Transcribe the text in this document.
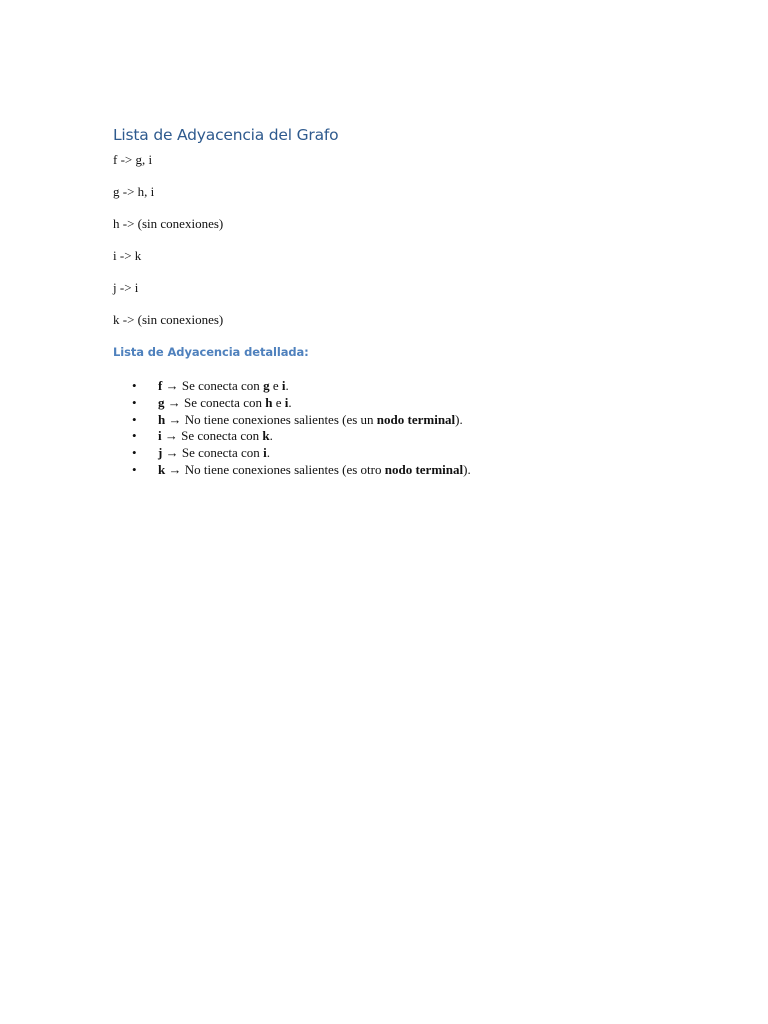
Lista de Adyacencia del Grafo
f -> g, i
g -> h, i
h -> (sin conexiones)
i -> k
j -> i
k -> (sin conexiones)
Lista de Adyacencia detallada:
• f → Se conecta con g e i.
• g → Se conecta con h e i.
• h → No tiene conexiones salientes (es un nodo terminal).
• i → Se conecta con k.
• j → Se conecta con i.
• k → No tiene conexiones salientes (es otro nodo terminal).
